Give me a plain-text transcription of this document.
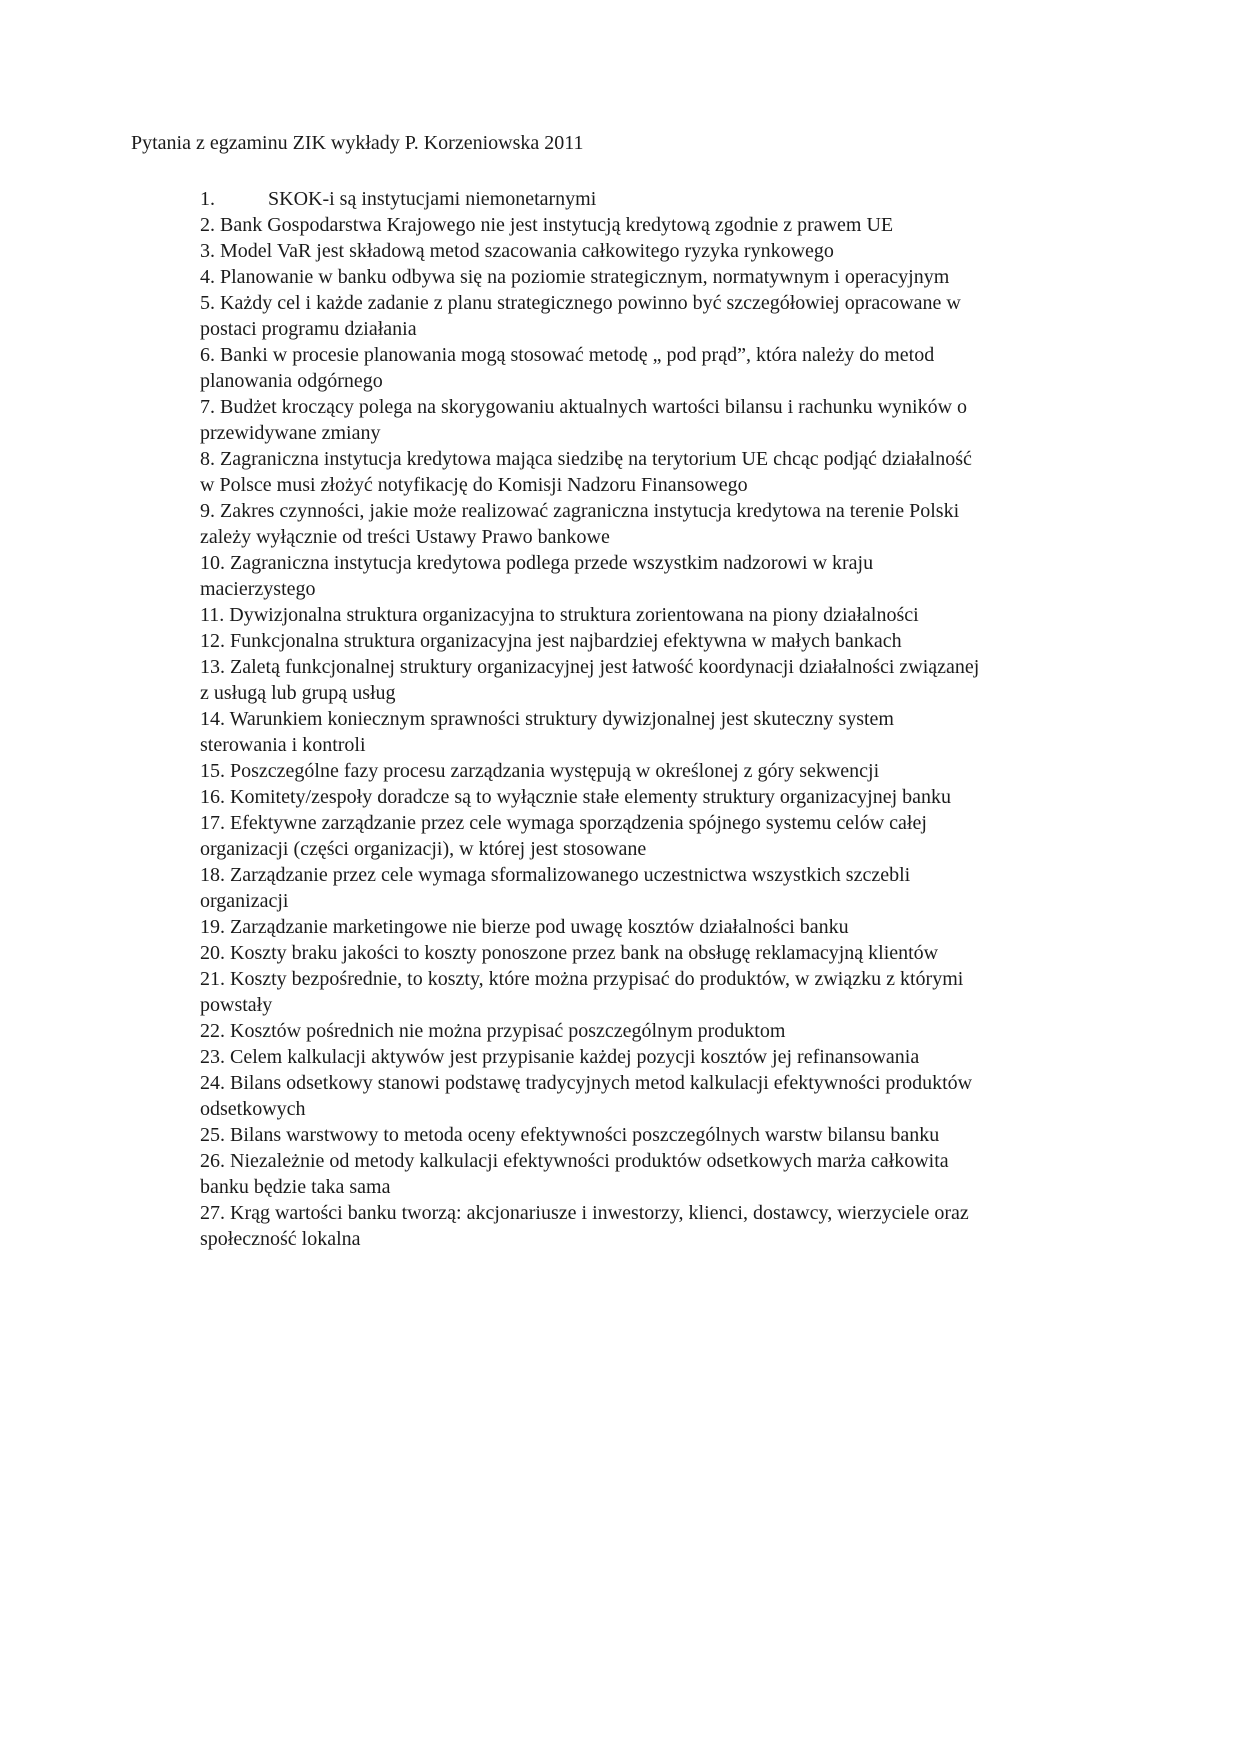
Pytania z egzaminu ZIK wykłady P. Korzeniowska 2011
1.	SKOK-i są instytucjami niemonetarnymi
2. Bank Gospodarstwa Krajowego nie jest instytucją kredytową zgodnie z prawem UE
3. Model VaR jest składową metod szacowania całkowitego ryzyka rynkowego
4. Planowanie w banku odbywa się na poziomie strategicznym, normatywnym i operacyjnym
5. Każdy cel i każde zadanie z planu strategicznego powinno być szczegółowiej opracowane w postaci programu działania
6. Banki w procesie planowania mogą stosować metodę „ pod prąd”, która należy do metod planowania odgórnego
7. Budżet kroczący polega na skorygowaniu aktualnych wartości bilansu i rachunku wyników o przewidywane zmiany
8. Zagraniczna instytucja kredytowa mająca siedzibę na terytorium UE chcąc podjąć działalność w Polsce musi złożyć notyfikację do Komisji Nadzoru Finansowego
9. Zakres czynności, jakie może realizować zagraniczna instytucja kredytowa na terenie Polski zależy wyłącznie od treści Ustawy Prawo bankowe
10. Zagraniczna instytucja kredytowa podlega przede wszystkim nadzorowi w kraju macierzystego
11. Dywizjonalna struktura organizacyjna to struktura zorientowana na piony działalności
12. Funkcjonalna struktura organizacyjna jest najbardziej efektywna w małych bankach
13. Zaletą funkcjonalnej struktury organizacyjnej jest łatwość koordynacji działalności związanej z usługą lub grupą usług
14. Warunkiem koniecznym sprawności struktury dywizjonalnej jest skuteczny system sterowania i kontroli
15. Poszczególne fazy procesu zarządzania występują w określonej z góry sekwencji
16. Komitety/zespoły doradcze są to wyłącznie stałe elementy struktury organizacyjnej banku
17. Efektywne zarządzanie przez cele wymaga sporządzenia spójnego systemu celów całej organizacji (części organizacji), w której jest stosowane
18. Zarządzanie przez cele wymaga sformalizowanego uczestnictwa wszystkich szczebli organizacji
19. Zarządzanie marketingowe nie bierze pod uwagę kosztów działalności banku
20. Koszty braku jakości to koszty ponoszone przez bank na obsługę reklamacyjną klientów
21. Koszty bezpośrednie, to koszty, które można przypisać do produktów, w związku z którymi powstały
22. Kosztów pośrednich nie można przypisać poszczególnym produktom
23. Celem kalkulacji aktywów jest przypisanie każdej pozycji kosztów jej refinansowania
24. Bilans odsetkowy stanowi podstawę tradycyjnych metod kalkulacji efektywności produktów odsetkowych
25. Bilans warstwowy to metoda oceny efektywności poszczególnych warstw bilansu banku
26. Niezależnie od metody kalkulacji efektywności produktów odsetkowych marża całkowita banku będzie taka sama
27. Krąg wartości banku tworzą: akcjonariusze i inwestorzy, klienci, dostawcy, wierzyciele oraz społeczność lokalna
